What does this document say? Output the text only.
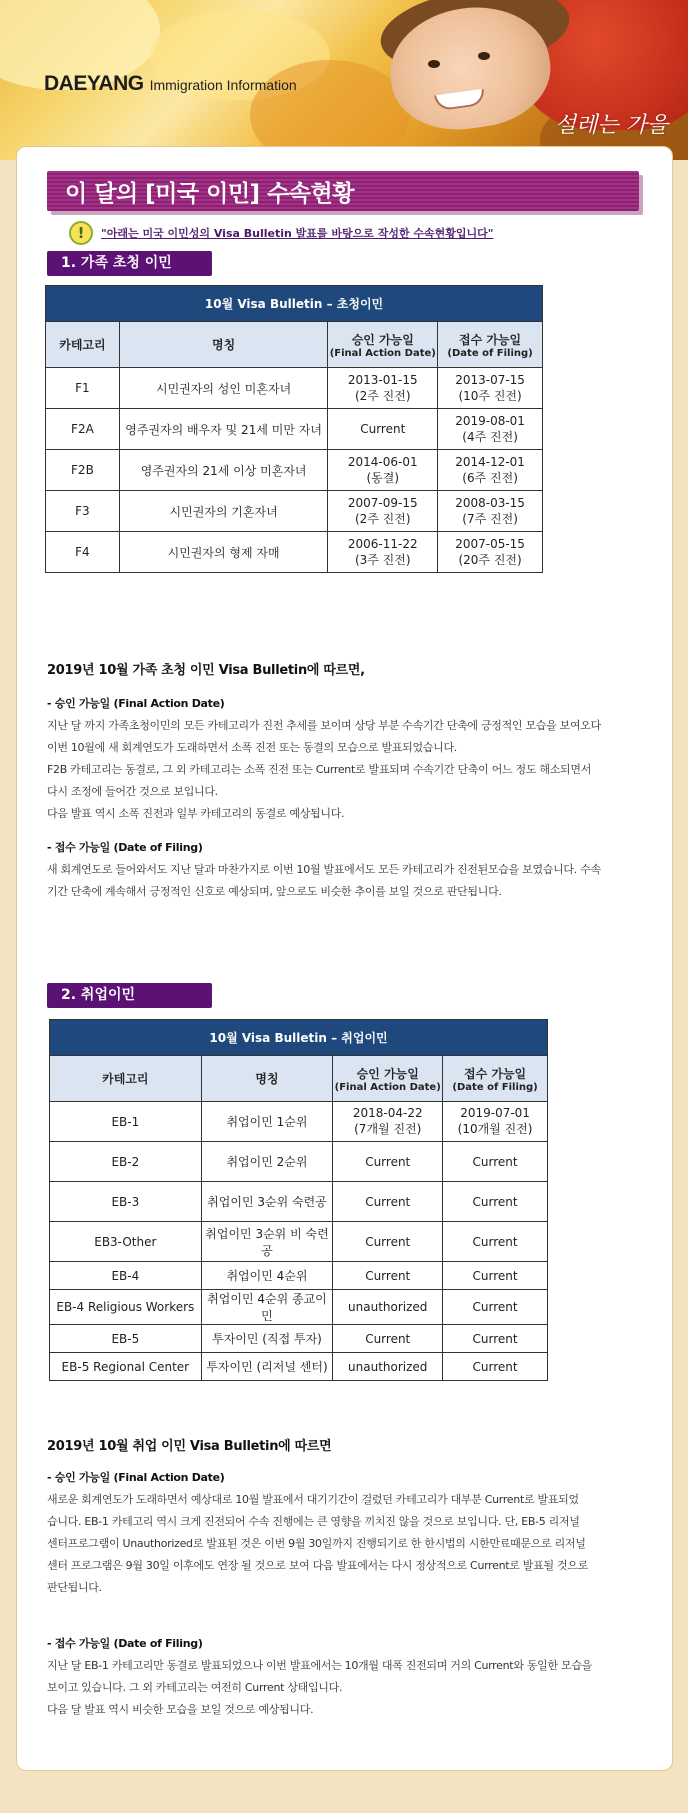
DAEYANG Immigration Information
설레는 가을
이 달의 [미국 이민] 수속현황
!	"아래는 미국 이민성의 Visa Bulletin 발표를 바탕으로 작성한 수속현황입니다"
1. 가족 초청 이민
10월 Visa Bulletin – 초청이민			
카테고리	명칭	승인 가능일
(Final Action Date)	접수 가능일
(Date of Filing)

F1	시민권자의 성인 미혼자녀	2013-01-15
(2주 진전)	2013-07-15
(10주 진전)

F2A	영주권자의 배우자 및 21세 미만 자녀	Current	2019-08-01
(4주 진전)

F2B	영주권자의 21세 이상 미혼자녀	2014-06-01
(동결)	2014-12-01
(6주 진전)

F3	시민권자의 기혼자녀	2007-09-15
(2주 진전)	2008-03-15
(7주 진전)

F4	시민권자의 형제 자매	2006-11-22
(3주 진전)	2007-05-15
(20주 진전)
2019년 10월 가족 초청 이민 Visa Bulletin에 따르면,
- 승인 가능일 (Final Action Date)
지난 달 까지 가족초청이민의 모든 카테고리가 진전 추세를 보이며 상당 부분 수속기간 단축에 긍정적인 모습을 보여오다
이번 10월에 새 회계연도가 도래하면서 소폭 진전 또는 동결의 모습으로 발표되었습니다.
F2B 카테고리는 동결로, 그 외 카테고리는 소폭 진전 또는 Current로 발표되며 수속기간 단축이 어느 정도 해소되면서
다시 조정에 들어간 것으로 보입니다.
다음 발표 역시 소폭 진전과 일부 카테고리의 동결로 예상됩니다.
- 접수 가능일 (Date of Filing)
새 회계연도로 들어와서도 지난 달과 마찬가지로 이번 10월 발표에서도 모든 카테고리가 진전된모습을 보였습니다. 수속
기간 단축에 계속해서 긍정적인 신호로 예상되며, 앞으로도 비슷한 추이를 보일 것으로 판단됩니다.
2. 취업이민
10월 Visa Bulletin – 취업이민			
카테고리	명칭	승인 가능일
(Final Action Date)	접수 가능일
(Date of Filing)

EB-1	취업이민 1순위	2018-04-22
(7개월 진전)	2019-07-01
(10개월 진전)

EB-2	취업이민 2순위	Current	Current
EB-3	취업이민 3순위 숙련공	Current	Current
EB3-Other	취업이민 3순위 비 숙련공	Current	Current
EB-4	취업이민 4순위	Current	Current
EB-4 Religious Workers	취업이민 4순위 종교이민	unauthorized	Current
EB-5	투자이민 (직접 투자)	Current	Current
EB-5 Regional Center	투자이민 (리저널 센터)	unauthorized	Current
2019년 10월 취업 이민 Visa Bulletin에 따르면
- 승인 가능일 (Final Action Date)
새로운 회계연도가 도래하면서 예상대로 10월 발표에서 대기기간이 걸렸던 카테고리가 대부분 Current로 발표되었
습니다. EB-1 카테고리 역시 크게 진전되어 수속 진행에는 큰 영향을 끼치진 않을 것으로 보입니다. 단, EB-5 리저널
센터프로그램이 Unauthorized로 발표된 것은 이번 9월 30일까지 진행되기로 한 한시법의 시한만료때문으로 리저널
센터 프로그램은 9월 30일 이후에도 연장 될 것으로 보여 다음 발표에서는 다시 정상적으로 Current로 발표될 것으로
판단됩니다.
- 접수 가능일 (Date of Filing)
지난 달 EB-1 카테고리만 동결로 발표되었으나 이번 발표에서는 10개월 대폭 진전되며 거의 Current와 동일한 모습을
보이고 있습니다. 그 외 카테고리는 여전히 Current 상태입니다.
다음 달 발표 역시 비슷한 모습을 보일 것으로 예상됩니다.
